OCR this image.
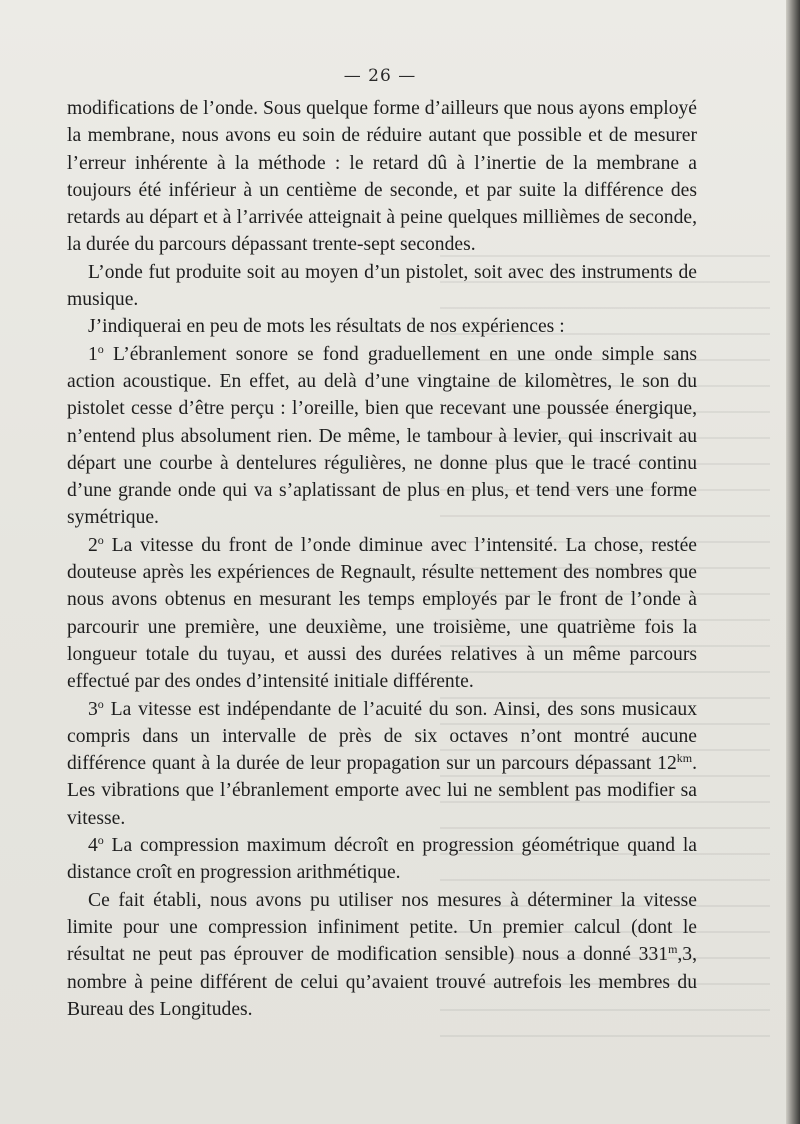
— 26 —

modifications de l’onde. Sous quelque forme d’ailleurs que nous ayons employé la membrane, nous avons eu soin de réduire autant que possible et de mesurer l’erreur inhérente à la méthode : le retard dû à l’inertie de la membrane a toujours été inférieur à un centième de seconde, et par suite la différence des retards au départ et à l’arrivée atteignait à peine quelques millièmes de seconde, la durée du parcours dépassant trente-sept secondes.

L’onde fut produite soit au moyen d’un pistolet, soit avec des instruments de musique.

J’indiquerai en peu de mots les résultats de nos expériences :

1$^o$ L’ébranlement sonore se fond graduellement en une onde simple sans action acoustique. En effet, au delà d’une vingtaine de kilomètres, le son du pistolet cesse d’être perçu : l’oreille, bien que recevant une poussée énergique, n’entend plus absolument rien. De même, le tambour à levier, qui inscrivait au départ une courbe à dentelures régulières, ne donne plus que le tracé continu d’une grande onde qui va s’aplatissant de plus en plus, et tend vers une forme symétrique.

2$^o$ La vitesse du front de l’onde diminue avec l’intensité. La chose, restée douteuse après les expériences de Regnault, résulte nettement des nombres que nous avons obtenus en mesurant les temps employés par le front de l’onde à parcourir une première, une deuxième, une troisième, une quatrième fois la longueur totale du tuyau, et aussi des durées relatives à un même parcours effectué par des ondes d’intensité initiale différente.

3$^o$ La vitesse est indépendante de l’acuité du son. Ainsi, des sons musicaux compris dans un intervalle de près de six octaves n’ont montré aucune différence quant à la durée de leur propagation sur un parcours dépassant $12^{km}$. Les vibrations que l’ébranlement emporte avec lui ne semblent pas modifier sa vitesse.

4$^o$ La compression maximum décroît en progression géométrique quand la distance croît en progression arithmétique.

Ce fait établi, nous avons pu utiliser nos mesures à déterminer la vitesse limite pour une compression infiniment petite. Un premier calcul (dont le résultat ne peut pas éprouver de modification sensible) nous a donné 331$^m$,3, nombre à peine différent de celui qu’avaient trouvé autrefois les membres du Bureau des Longitudes.
